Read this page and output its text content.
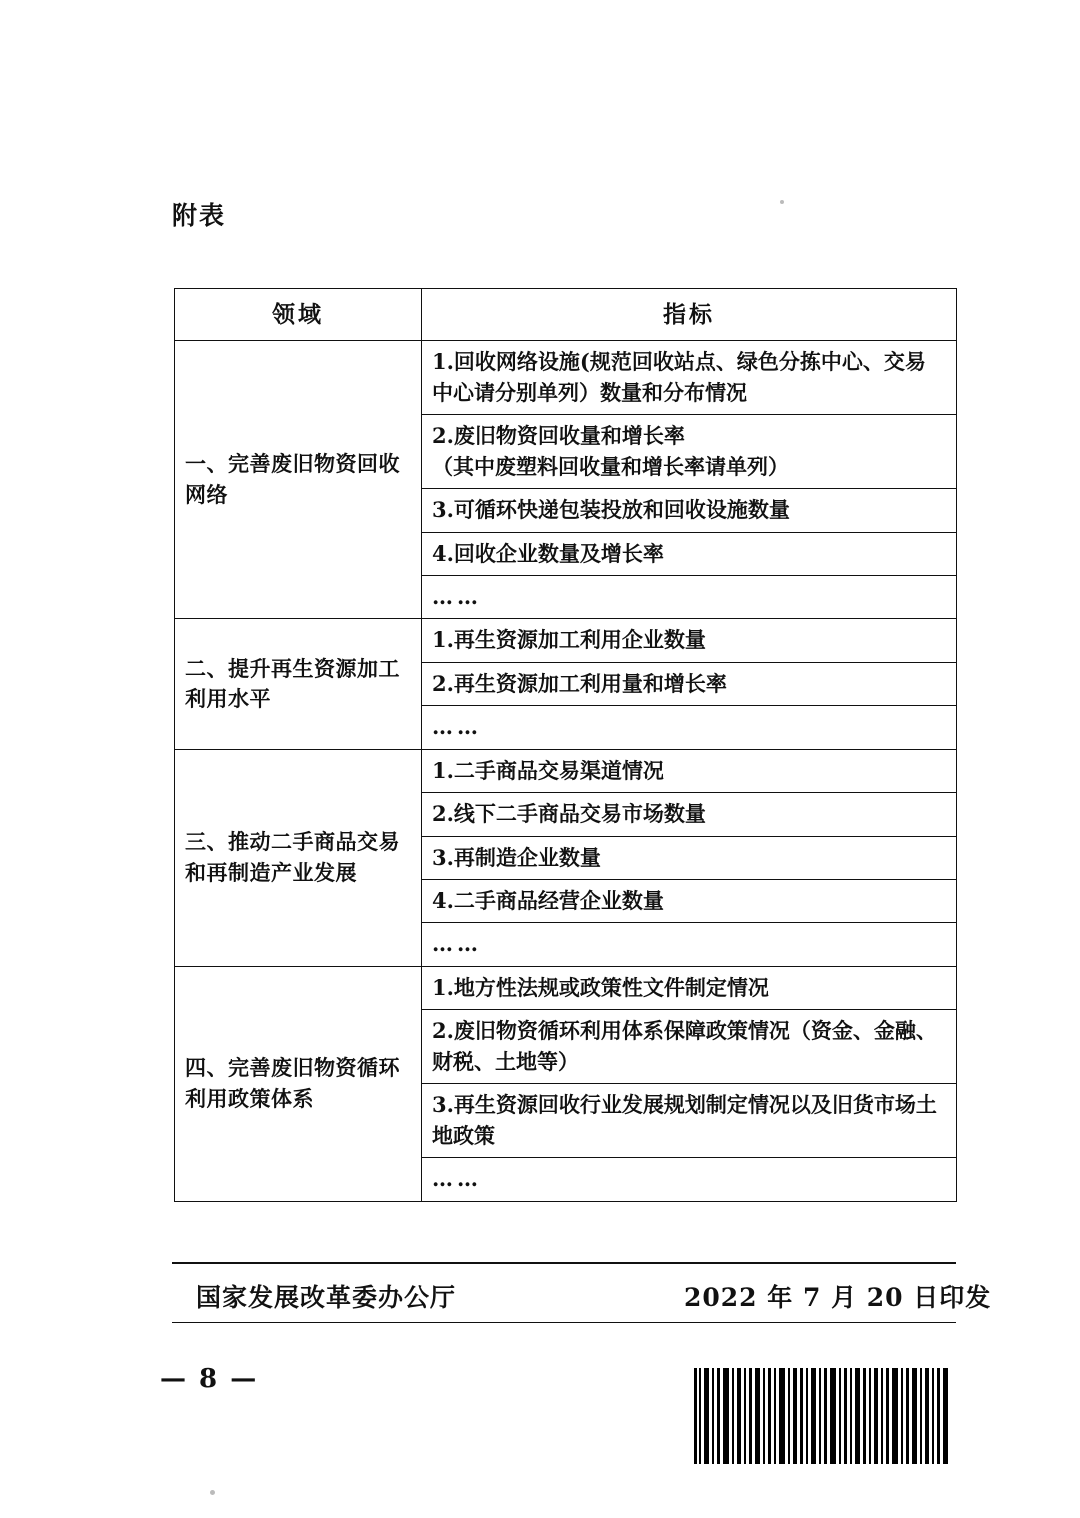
附表
领域	指标
一、完善废旧物资回收网络	1.回收网络设施(规范回收站点、绿色分拣中心、交易中心请分别单列）数量和分布情况
	2.废旧物资回收量和增长率
（其中废塑料回收量和增长率请单列）
	3.可循环快递包装投放和回收设施数量
	4.回收企业数量及增长率
	……
二、提升再生资源加工利用水平	1.再生资源加工利用企业数量
	2.再生资源加工利用量和增长率
	……
三、推动二手商品交易和再制造产业发展	1.二手商品交易渠道情况
	2.线下二手商品交易市场数量
	3.再制造企业数量
	4.二手商品经营企业数量
	……
四、完善废旧物资循环利用政策体系	1.地方性法规或政策性文件制定情况
	2.废旧物资循环利用体系保障政策情况（资金、金融、财税、土地等）
	3.再生资源回收行业发展规划制定情况以及旧货市场土地政策
	……
国家发展改革委办公厅	2022 年 7 月 20 日印发
— 8 —
